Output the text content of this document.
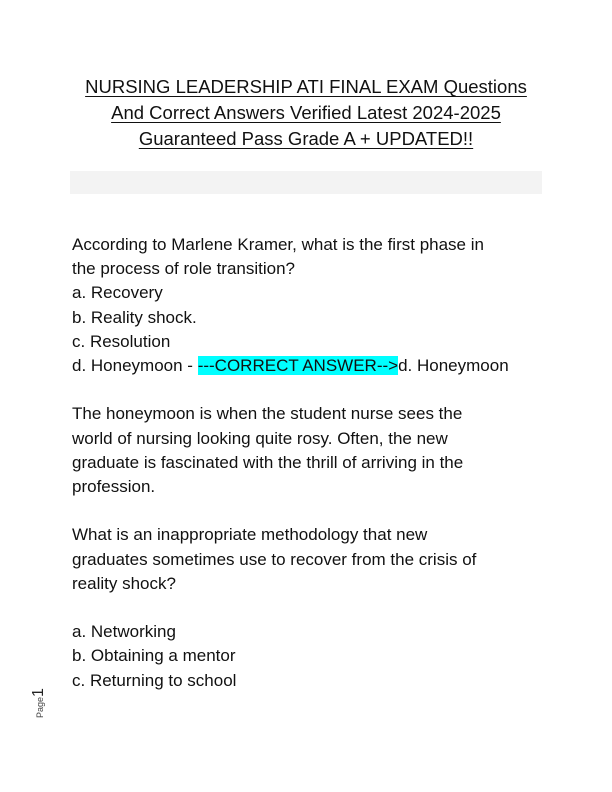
NURSING LEADERSHIP ATI FINAL EXAM Questions
And Correct Answers Verified Latest 2024-2025
Guaranteed Pass Grade A + UPDATED!!
According to Marlene Kramer, what is the first phase in
the process of role transition?
a. Recovery
b. Reality shock.
c. Resolution
d. Honeymoon - ---CORRECT ANSWER-->d. Honeymoon
The honeymoon is when the student nurse sees the
world of nursing looking quite rosy. Often, the new
graduate is fascinated with the thrill of arriving in the
profession.
What is an inappropriate methodology that new
graduates sometimes use to recover from the crisis of
reality shock?
a. Networking
b. Obtaining a mentor
c. Returning to school
Page1
